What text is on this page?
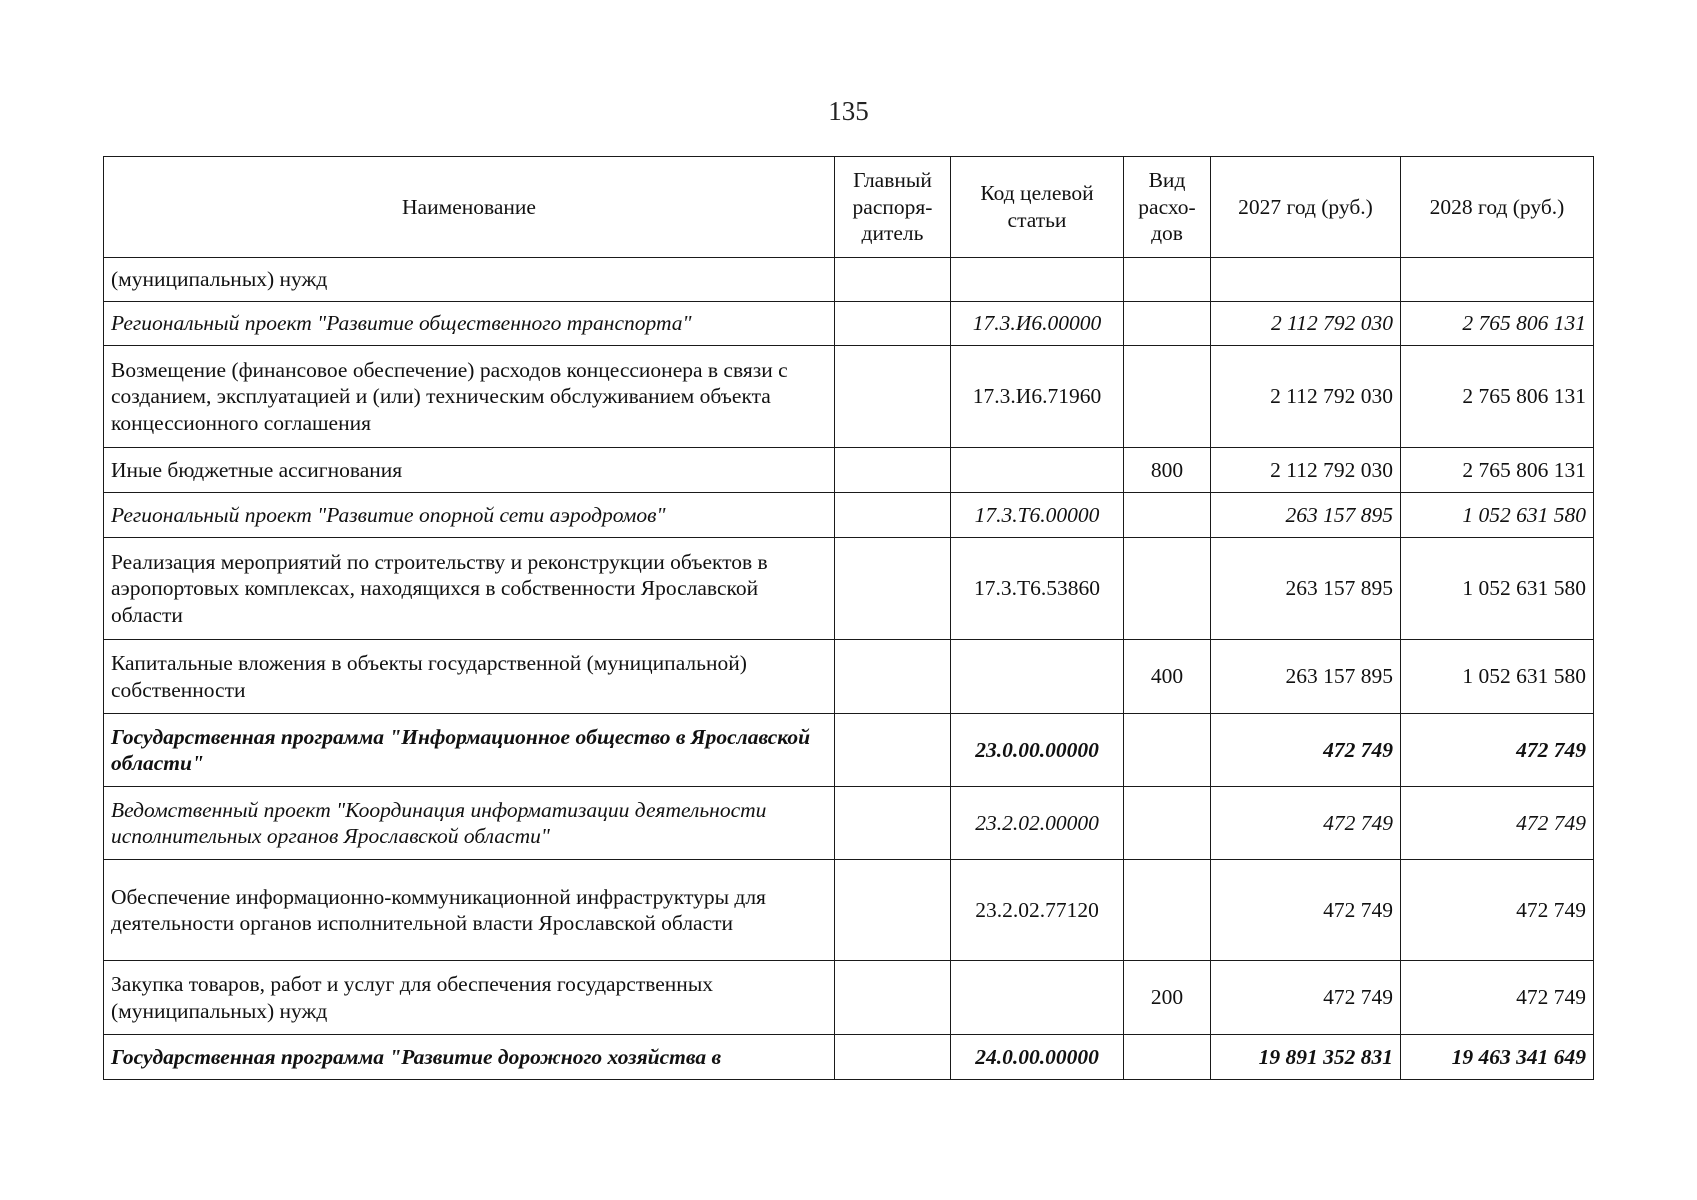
135
Наименование	Главный распоря-дитель	Код целевой статьи	Вид расхо-дов	2027 год (руб.)	2028 год (руб.)
(муниципальных) нужд					
Региональный проект "Развитие общественного транспорта"		17.3.И6.00000		2 112 792 030	2 765 806 131
Возмещение (финансовое обеспечение) расходов концессионера в связи с созданием, эксплуатацией и (или) техническим обслуживанием объекта концессионного соглашения		17.3.И6.71960		2 112 792 030	2 765 806 131
Иные бюджетные ассигнования			800	2 112 792 030	2 765 806 131
Региональный проект "Развитие опорной сети аэродромов"		17.3.Т6.00000		263 157 895	1 052 631 580
Реализация мероприятий по строительству и реконструкции объектов в аэропортовых комплексах, находящихся в собственности Ярославской области		17.3.Т6.53860		263 157 895	1 052 631 580
Капитальные вложения в объекты государственной (муниципальной) собственности			400	263 157 895	1 052 631 580
Государственная программа "Информационное общество в Ярославской области"		23.0.00.00000		472 749	472 749
Ведомственный проект "Координация информатизации деятельности исполнительных органов Ярославской области"		23.2.02.00000		472 749	472 749
Обеспечение информационно-коммуникационной инфраструктуры для деятельности органов исполнительной власти Ярославской области		23.2.02.77120		472 749	472 749
Закупка товаров, работ и услуг для обеспечения государственных (муниципальных) нужд			200	472 749	472 749
Государственная программа "Развитие дорожного хозяйства в		24.0.00.00000		19 891 352 831	19 463 341 649
